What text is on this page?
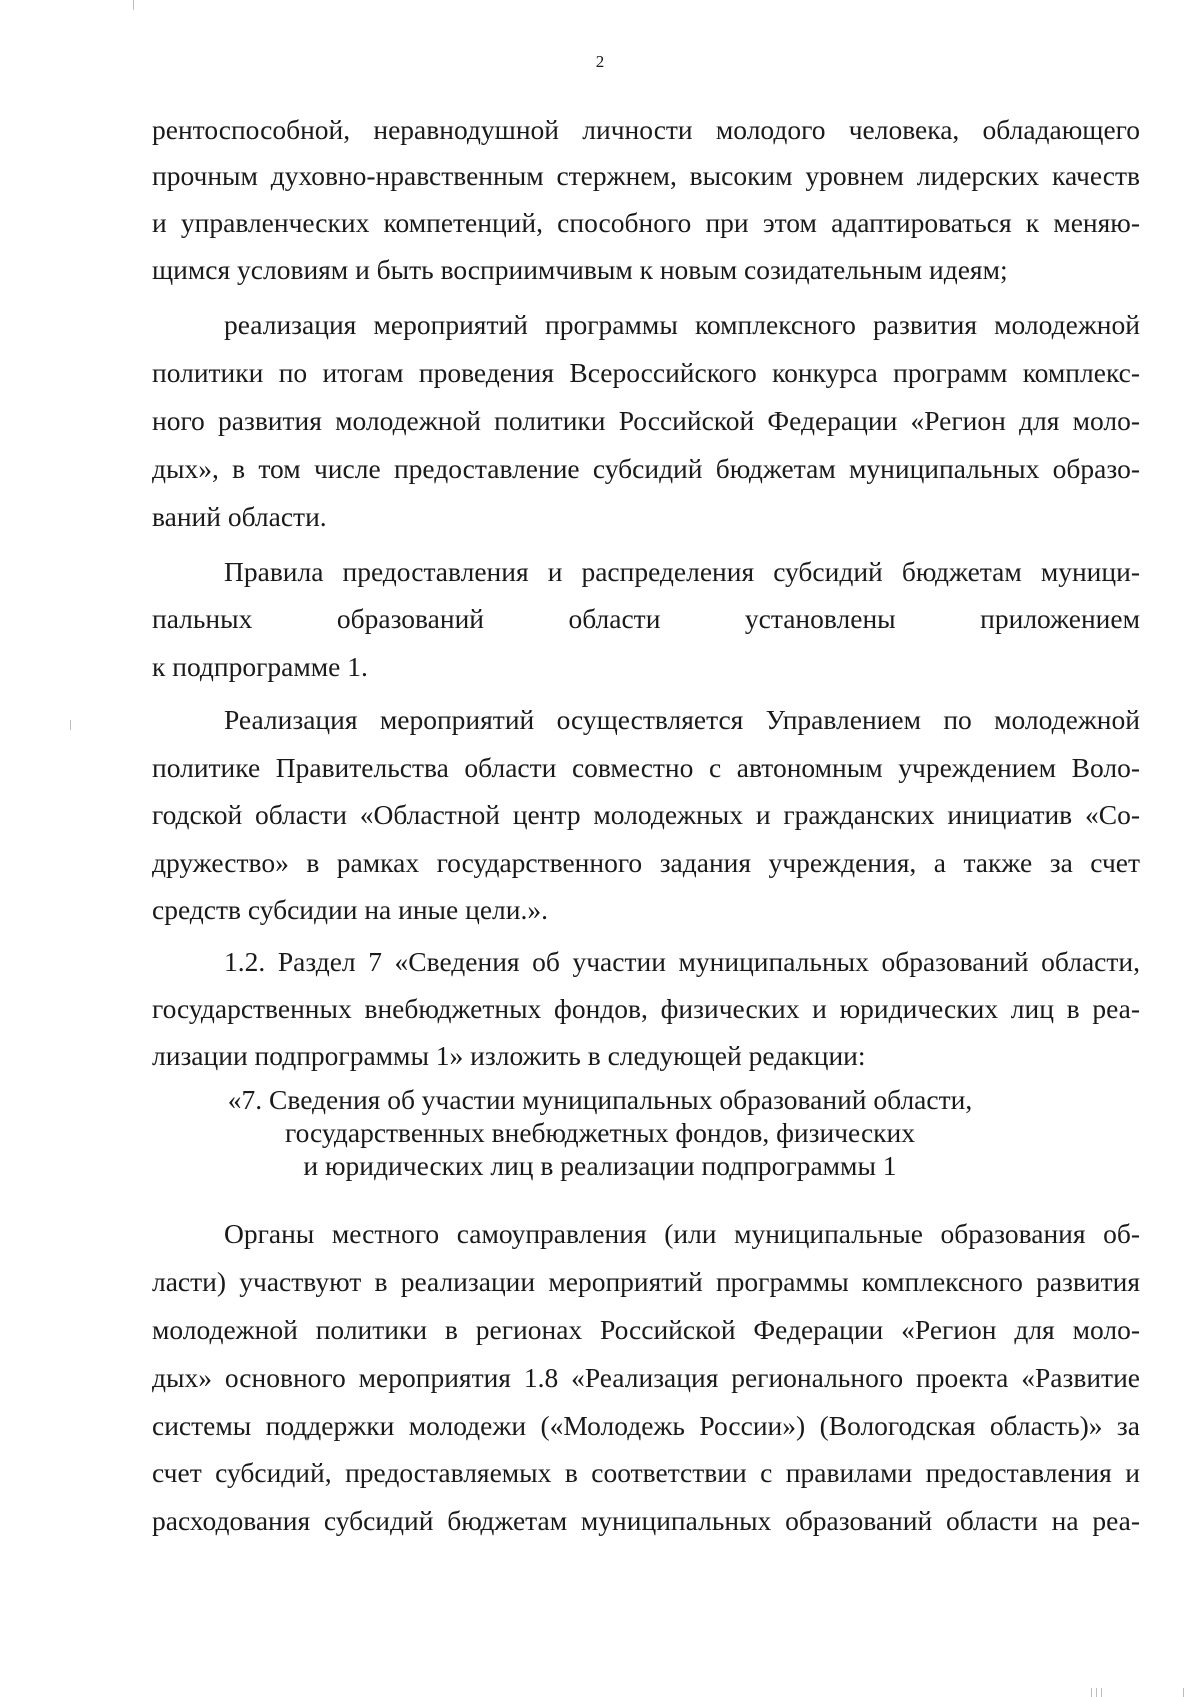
2
рентоспособной, неравнодушной личности молодого человека, обладающего
прочным духовно-нравственным стержнем, высоким уровнем лидерских качеств
и управленческих компетенций, способного при этом адаптироваться к меняю-
щимся условиям и быть восприимчивым к новым созидательным идеям;
реализация мероприятий программы комплексного развития молодежной
политики по итогам проведения Всероссийского конкурса программ комплекс-
ного развития молодежной политики Российской Федерации «Регион для моло-
дых», в том числе предоставление субсидий бюджетам муниципальных образо-
ваний области.
Правила предоставления и распределения субсидий бюджетам муници-
пальных образований области установлены приложением
к подпрограмме 1.
Реализация мероприятий осуществляется Управлением по молодежной
политике Правительства области совместно с автономным учреждением Воло-
годской области «Областной центр молодежных и гражданских инициатив «Со-
дружество» в рамках государственного задания учреждения, а также за счет
средств субсидии на иные цели.».
1.2. Раздел 7 «Сведения об участии муниципальных образований области,
государственных внебюджетных фондов, физических и юридических лиц в реа-
лизации подпрограммы 1» изложить в следующей редакции:
«7. Сведения об участии муниципальных образований области,
государственных внебюджетных фондов, физических
и юридических лиц в реализации подпрограммы 1
Органы местного самоуправления (или муниципальные образования об-
ласти) участвуют в реализации мероприятий программы комплексного развития
молодежной политики в регионах Российской Федерации «Регион для моло-
дых» основного мероприятия 1.8 «Реализация регионального проекта «Развитие
системы поддержки молодежи («Молодежь России») (Вологодская область)» за
счет субсидий, предоставляемых в соответствии с правилами предоставления и
расходования субсидий бюджетам муниципальных образований области на реа-
